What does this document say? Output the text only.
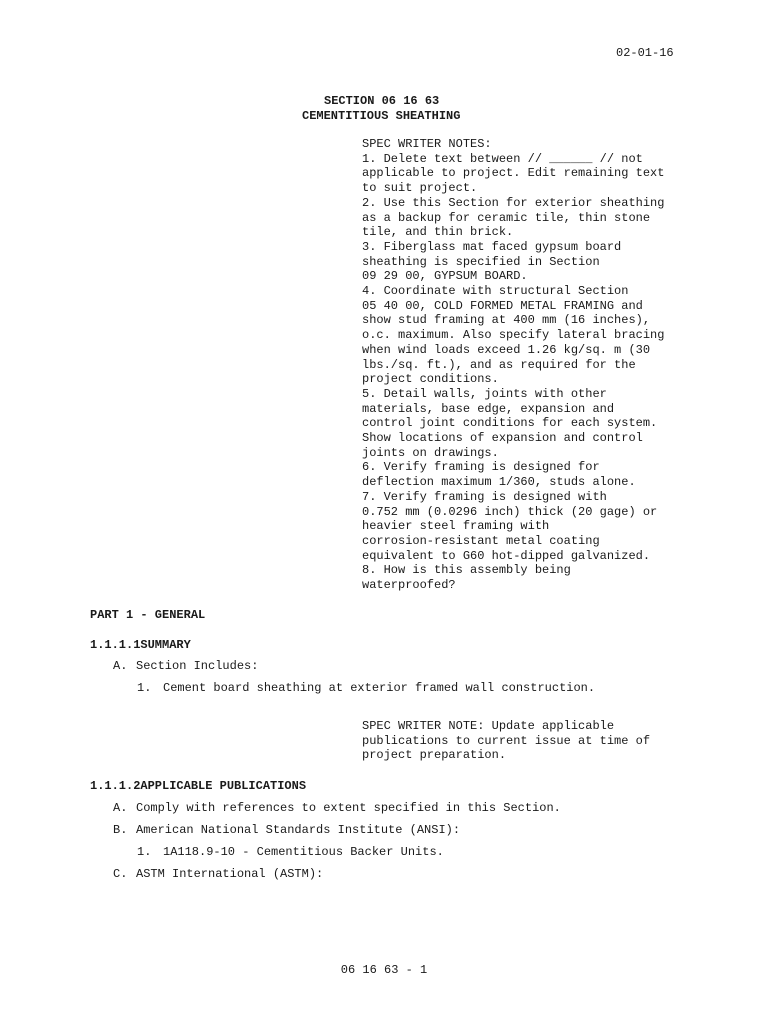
02-01-16
SECTION 06 16 63
CEMENTITIOUS SHEATHING
SPEC WRITER NOTES:
1. Delete text between // ______ // not
applicable to project. Edit remaining text
to suit project.
2. Use this Section for exterior sheathing
as a backup for ceramic tile, thin stone
tile, and thin brick.
3. Fiberglass mat faced gypsum board
sheathing is specified in Section
09 29 00, GYPSUM BOARD.
4. Coordinate with structural Section
05 40 00, COLD FORMED METAL FRAMING and
show stud framing at 400 mm (16 inches),
o.c. maximum. Also specify lateral bracing
when wind loads exceed 1.26 kg/sq. m (30
lbs./sq. ft.), and as required for the
project conditions.
5. Detail walls, joints with other
materials, base edge, expansion and
control joint conditions for each system.
Show locations of expansion and control
joints on drawings.
6. Verify framing is designed for
deflection maximum 1/360, studs alone.
7. Verify framing is designed with
0.752 mm (0.0296 inch) thick (20 gage) or
heavier steel framing with
corrosion-resistant metal coating
equivalent to G60 hot-dipped galvanized.
8. How is this assembly being
waterproofed?
PART 1 - GENERAL
1.1.1.1SUMMARY
A. Section Includes:
1. Cement board sheathing at exterior framed wall construction.
SPEC WRITER NOTE: Update applicable
publications to current issue at time of
project preparation.
1.1.1.2APPLICABLE PUBLICATIONS
A. Comply with references to extent specified in this Section.
B. American National Standards Institute (ANSI):
1. 1A118.9-10 - Cementitious Backer Units.
C. ASTM International (ASTM):
06 16 63 - 1
